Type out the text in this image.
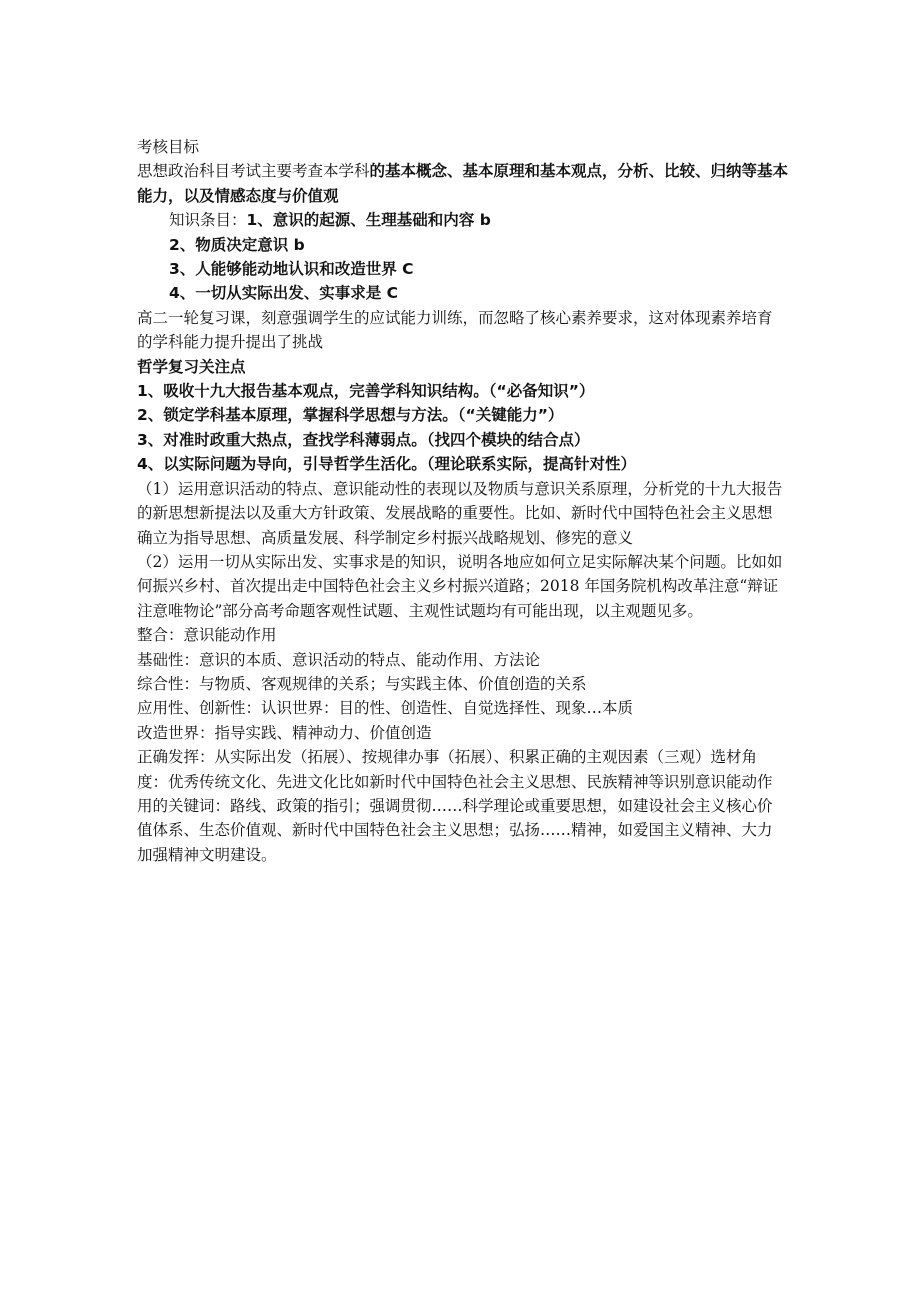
考核目标
思想政治科目考试主要考查本学科的基本概念、基本原理和基本观点，分析、比较、归纳等基本
能力，以及情感态度与价值观
知识条目：1、意识的起源、生理基础和内容 b
2、物质决定意识 b
3、人能够能动地认识和改造世界 C
4、一切从实际出发、实事求是 C
高二一轮复习课，刻意强调学生的应试能力训练，而忽略了核心素养要求，这对体现素养培育
的学科能力提升提出了挑战
哲学复习关注点
1、吸收十九大报告基本观点，完善学科知识结构。（“必备知识”）
2、锁定学科基本原理，掌握科学思想与方法。（“关键能力”）
3、对准时政重大热点，查找学科薄弱点。（找四个模块的结合点）
4、以实际问题为导向，引导哲学生活化。（理论联系实际，提高针对性）
（1）运用意识活动的特点、意识能动性的表现以及物质与意识关系原理，分析党的十九大报告
的新思想新提法以及重大方针政策、发展战略的重要性。比如、新时代中国特色社会主义思想
确立为指导思想、高质量发展、科学制定乡村振兴战略规划、修宪的意义
（2）运用一切从实际出发、实事求是的知识，说明各地应如何立足实际解决某个问题。比如如
何振兴乡村、首次提出走中国特色社会主义乡村振兴道路；2018 年国务院机构改革注意“辩证
注意唯物论”部分高考命题客观性试题、主观性试题均有可能出现，以主观题见多。
整合：意识能动作用
基础性：意识的本质、意识活动的特点、能动作用、方法论
综合性：与物质、客观规律的关系；与实践主体、价值创造的关系
应用性、创新性：认识世界：目的性、创造性、自觉选择性、现象…本质
改造世界：指导实践、精神动力、价值创造
正确发挥：从实际出发（拓展）、按规律办事（拓展）、积累正确的主观因素（三观）选材角
度：优秀传统文化、先进文化比如新时代中国特色社会主义思想、民族精神等识别意识能动作
用的关键词：路线、政策的指引；强调贯彻……科学理论或重要思想，如建设社会主义核心价
值体系、生态价值观、新时代中国特色社会主义思想；弘扬……精神，如爱国主义精神、大力
加强精神文明建设。
